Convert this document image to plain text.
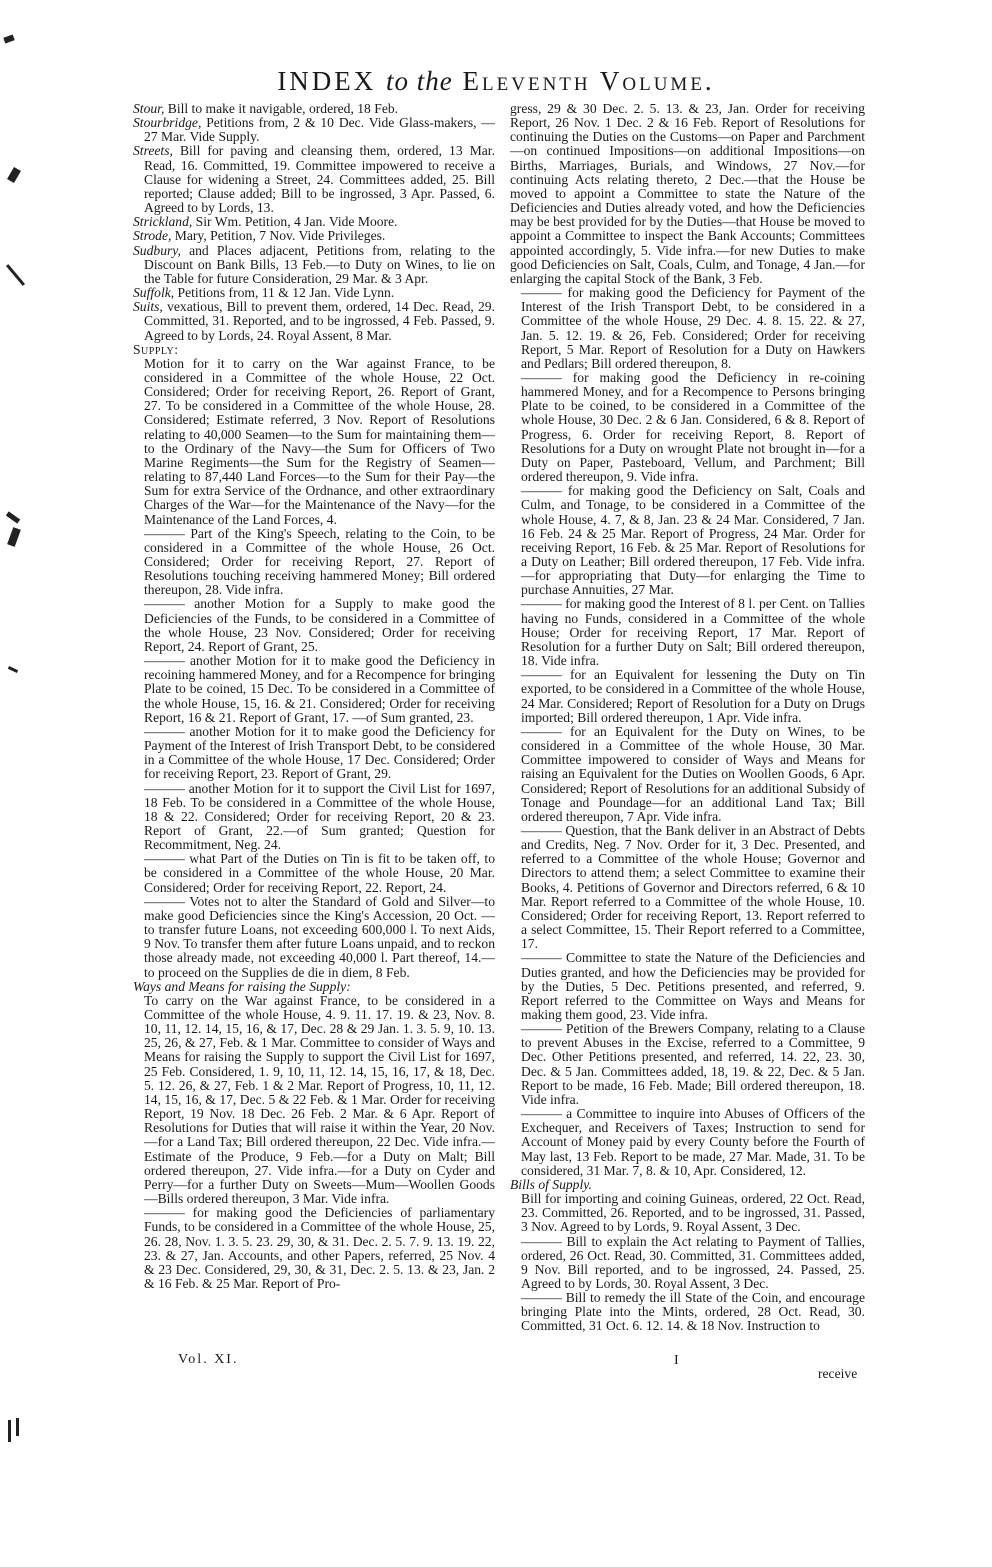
INDEX to the Eleventh Volume.

Stour, Bill to make it navigable, ordered, 18 Feb.

Stourbridge, Petitions from, 2 & 10 Dec. Vide Glass-makers, —27 Mar. Vide Supply.

Streets, Bill for paving and cleansing them, ordered, 13 Mar. Read, 16. Committed, 19. Committee impowered to receive a Clause for widening a Street, 24. Committees added, 25. Bill reported; Clause added; Bill to be ingrossed, 3 Apr. Passed, 6. Agreed to by Lords, 13.

Strickland, Sir Wm. Petition, 4 Jan. Vide Moore.

Strode, Mary, Petition, 7 Nov. Vide Privileges.

Sudbury, and Places adjacent, Petitions from, relating to the Discount on Bank Bills, 13 Feb.—to Duty on Wines, to lie on the Table for future Consideration, 29 Mar. & 3 Apr.

Suffolk, Petitions from, 11 & 12 Jan. Vide Lynn.

Suits, vexatious, Bill to prevent them, ordered, 14 Dec. Read, 29. Committed, 31. Reported, and to be ingrossed, 4 Feb. Passed, 9. Agreed to by Lords, 24. Royal Assent, 8 Mar.

Supply:

Motion for it to carry on the War against France, to be considered in a Committee of the whole House, 22 Oct. Considered; Order for receiving Report, 26. Report of Grant, 27. To be considered in a Committee of the whole House, 28. Considered; Estimate referred, 3 Nov. Report of Resolutions relating to 40,000 Seamen—to the Sum for maintaining them—to the Ordinary of the Navy—the Sum for Officers of Two Marine Regiments—the Sum for the Registry of Seamen—relating to 87,440 Land Forces—to the Sum for their Pay—the Sum for extra Service of the Ordnance, and other extraordinary Charges of the War—for the Maintenance of the Navy—for the Maintenance of the Land Forces, 4.

——— Part of the King's Speech, relating to the Coin, to be considered in a Committee of the whole House, 26 Oct. Considered; Order for receiving Report, 27. Report of Resolutions touching receiving hammered Money; Bill ordered thereupon, 28. Vide infra.

——— another Motion for a Supply to make good the Deficiencies of the Funds, to be considered in a Committee of the whole House, 23 Nov. Considered; Order for receiving Report, 24. Report of Grant, 25.

——— another Motion for it to make good the Deficiency in recoining hammered Money, and for a Recompence for bringing Plate to be coined, 15 Dec. To be considered in a Committee of the whole House, 15, 16. & 21. Considered; Order for receiving Report, 16 & 21. Report of Grant, 17. —of Sum granted, 23.

——— another Motion for it to make good the Deficiency for Payment of the Interest of Irish Transport Debt, to be considered in a Committee of the whole House, 17 Dec. Considered; Order for receiving Report, 23. Report of Grant, 29.

——— another Motion for it to support the Civil List for 1697, 18 Feb. To be considered in a Committee of the whole House, 18 & 22. Considered; Order for receiving Report, 20 & 23. Report of Grant, 22.—of Sum granted; Question for Recommitment, Neg. 24.

——— what Part of the Duties on Tin is fit to be taken off, to be considered in a Committee of the whole House, 20 Mar. Considered; Order for receiving Report, 22. Report, 24.

——— Votes not to alter the Standard of Gold and Silver—to make good Deficiencies since the King's Accession, 20 Oct. —to transfer future Loans, not exceeding 600,000 l. To next Aids, 9 Nov. To transfer them after future Loans unpaid, and to reckon those already made, not exceeding 40,000 l. Part thereof, 14.—to proceed on the Supplies de die in diem, 8 Feb.

Ways and Means for raising the Supply:

To carry on the War against France, to be considered in a Committee of the whole House, 4. 9. 11. 17. 19. & 23, Nov. 8. 10, 11, 12. 14, 15, 16, & 17, Dec. 28 & 29 Jan. 1. 3. 5. 9, 10. 13. 25, 26, & 27, Feb. & 1 Mar. Committee to consider of Ways and Means for raising the Supply to support the Civil List for 1697, 25 Feb. Considered, 1. 9, 10, 11, 12. 14, 15, 16, 17, & 18, Dec. 5. 12. 26, & 27, Feb. 1 & 2 Mar. Report of Progress, 10, 11, 12. 14, 15, 16, & 17, Dec. 5 & 22 Feb. & 1 Mar. Order for receiving Report, 19 Nov. 18 Dec. 26 Feb. 2 Mar. & 6 Apr. Report of Resolutions for Duties that will raise it within the Year, 20 Nov.—for a Land Tax; Bill ordered thereupon, 22 Dec. Vide infra.—Estimate of the Produce, 9 Feb.—for a Duty on Malt; Bill ordered thereupon, 27. Vide infra.—for a Duty on Cyder and Perry—for a further Duty on Sweets—Mum—Woollen Goods—Bills ordered thereupon, 3 Mar. Vide infra.

——— for making good the Deficiencies of parliamentary Funds, to be considered in a Committee of the whole House, 25, 26. 28, Nov. 1. 3. 5. 23. 29, 30, & 31. Dec. 2. 5. 7. 9. 13. 19. 22, 23. & 27, Jan. Accounts, and other Papers, referred, 25 Nov. 4 & 23 Dec. Considered, 29, 30, & 31, Dec. 2. 5. 13. & 23, Jan. 2 & 16 Feb. & 25 Mar. Report of Pro-

gress, 29 & 30 Dec. 2. 5. 13. & 23, Jan. Order for receiving Report, 26 Nov. 1 Dec. 2 & 16 Feb. Report of Resolutions for continuing the Duties on the Customs—on Paper and Parchment—on continued Impositions—on additional Impositions—on Births, Marriages, Burials, and Windows, 27 Nov.—for continuing Acts relating thereto, 2 Dec.—that the House be moved to appoint a Committee to state the Nature of the Deficiencies and Duties already voted, and how the Deficiencies may be best provided for by the Duties—that House be moved to appoint a Committee to inspect the Bank Accounts; Committees appointed accordingly, 5. Vide infra.—for new Duties to make good Deficiencies on Salt, Coals, Culm, and Tonage, 4 Jan.—for enlarging the capital Stock of the Bank, 3 Feb.

——— for making good the Deficiency for Payment of the Interest of the Irish Transport Debt, to be considered in a Committee of the whole House, 29 Dec. 4. 8. 15. 22. & 27, Jan. 5. 12. 19. & 26, Feb. Considered; Order for receiving Report, 5 Mar. Report of Resolution for a Duty on Hawkers and Pedlars; Bill ordered thereupon, 8.

——— for making good the Deficiency in re-coining hammered Money, and for a Recompence to Persons bringing Plate to be coined, to be considered in a Committee of the whole House, 30 Dec. 2 & 6 Jan. Considered, 6 & 8. Report of Progress, 6. Order for receiving Report, 8. Report of Resolutions for a Duty on wrought Plate not brought in—for a Duty on Paper, Pasteboard, Vellum, and Parchment; Bill ordered thereupon, 9. Vide infra.

——— for making good the Deficiency on Salt, Coals and Culm, and Tonage, to be considered in a Committee of the whole House, 4. 7, & 8, Jan. 23 & 24 Mar. Considered, 7 Jan. 16 Feb. 24 & 25 Mar. Report of Progress, 24 Mar. Order for receiving Report, 16 Feb. & 25 Mar. Report of Resolutions for a Duty on Leather; Bill ordered thereupon, 17 Feb. Vide infra.—for appropriating that Duty—for enlarging the Time to purchase Annuities, 27 Mar.

——— for making good the Interest of 8 l. per Cent. on Tallies having no Funds, considered in a Committee of the whole House; Order for receiving Report, 17 Mar. Report of Resolution for a further Duty on Salt; Bill ordered thereupon, 18. Vide infra.

——— for an Equivalent for lessening the Duty on Tin exported, to be considered in a Committee of the whole House, 24 Mar. Considered; Report of Resolution for a Duty on Drugs imported; Bill ordered thereupon, 1 Apr. Vide infra.

——— for an Equivalent for the Duty on Wines, to be considered in a Committee of the whole House, 30 Mar. Committee impowered to consider of Ways and Means for raising an Equivalent for the Duties on Woollen Goods, 6 Apr. Considered; Report of Resolutions for an additional Subsidy of Tonage and Poundage—for an additional Land Tax; Bill ordered thereupon, 7 Apr. Vide infra.

——— Question, that the Bank deliver in an Abstract of Debts and Credits, Neg. 7 Nov. Order for it, 3 Dec. Presented, and referred to a Committee of the whole House; Governor and Directors to attend them; a select Committee to examine their Books, 4. Petitions of Governor and Directors referred, 6 & 10 Mar. Report referred to a Committee of the whole House, 10. Considered; Order for receiving Report, 13. Report referred to a select Committee, 15. Their Report referred to a Committee, 17.

——— Committee to state the Nature of the Deficiencies and Duties granted, and how the Deficiencies may be provided for by the Duties, 5 Dec. Petitions presented, and referred, 9. Report referred to the Committee on Ways and Means for making them good, 23. Vide infra.

——— Petition of the Brewers Company, relating to a Clause to prevent Abuses in the Excise, referred to a Committee, 9 Dec. Other Petitions presented, and referred, 14. 22, 23. 30, Dec. & 5 Jan. Committees added, 18, 19. & 22, Dec. & 5 Jan. Report to be made, 16 Feb. Made; Bill ordered thereupon, 18. Vide infra.

——— a Committee to inquire into Abuses of Officers of the Exchequer, and Receivers of Taxes; Instruction to send for Account of Money paid by every County before the Fourth of May last, 13 Feb. Report to be made, 27 Mar. Made, 31. To be considered, 31 Mar. 7, 8. & 10, Apr. Considered, 12.

Bills of Supply.

Bill for importing and coining Guineas, ordered, 22 Oct. Read, 23. Committed, 26. Reported, and to be ingrossed, 31. Passed, 3 Nov. Agreed to by Lords, 9. Royal Assent, 3 Dec.

——— Bill to explain the Act relating to Payment of Tallies, ordered, 26 Oct. Read, 30. Committed, 31. Committees added, 9 Nov. Bill reported, and to be ingrossed, 24. Passed, 25. Agreed to by Lords, 30. Royal Assent, 3 Dec.

——— Bill to remedy the ill State of the Coin, and encourage bringing Plate into the Mints, ordered, 28 Oct. Read, 30. Committed, 31 Oct. 6. 12. 14. & 18 Nov. Instruction to

Vol. XI.	I
receive
